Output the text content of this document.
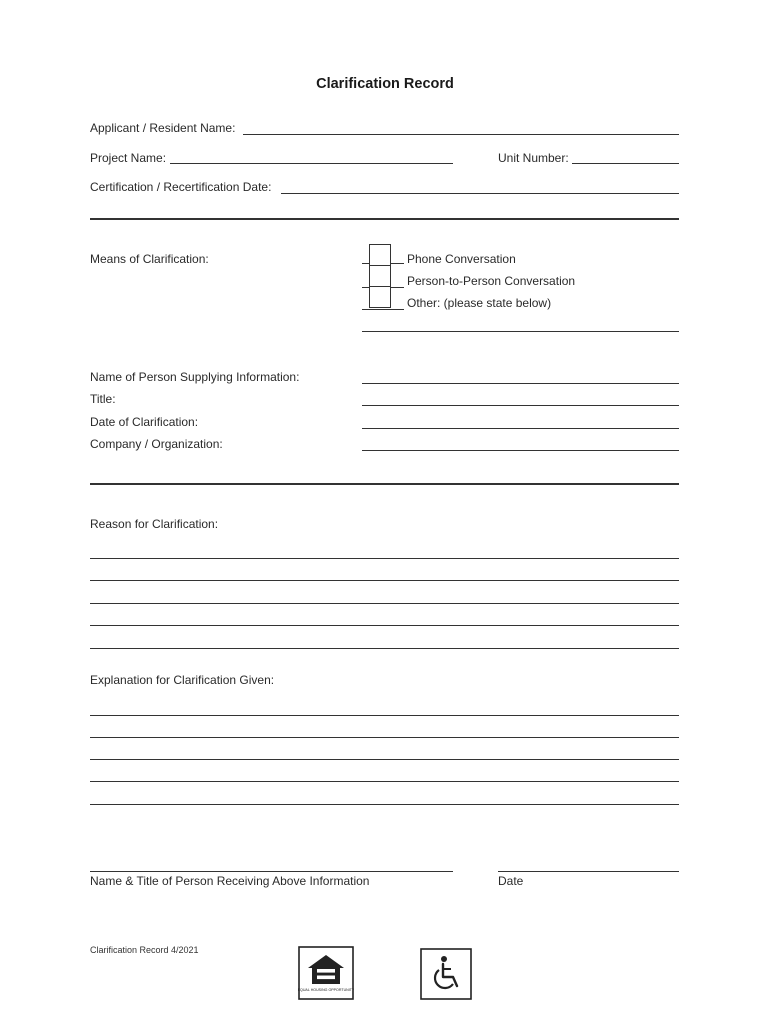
Clarification Record
Applicant / Resident Name:
Project Name:	Unit Number:
Certification / Recertification Date:
Means of Clarification:	Phone Conversation
Person-to-Person Conversation
Other: (please state below)
Name of Person Supplying Information:
Title:
Date of Clarification:
Company / Organization:
Reason for Clarification:
Explanation for Clarification Given:
Name & Title of Person Receiving Above Information	Date
Clarification Record 4/2021
EQUAL HOUSING OPPORTUNITY
